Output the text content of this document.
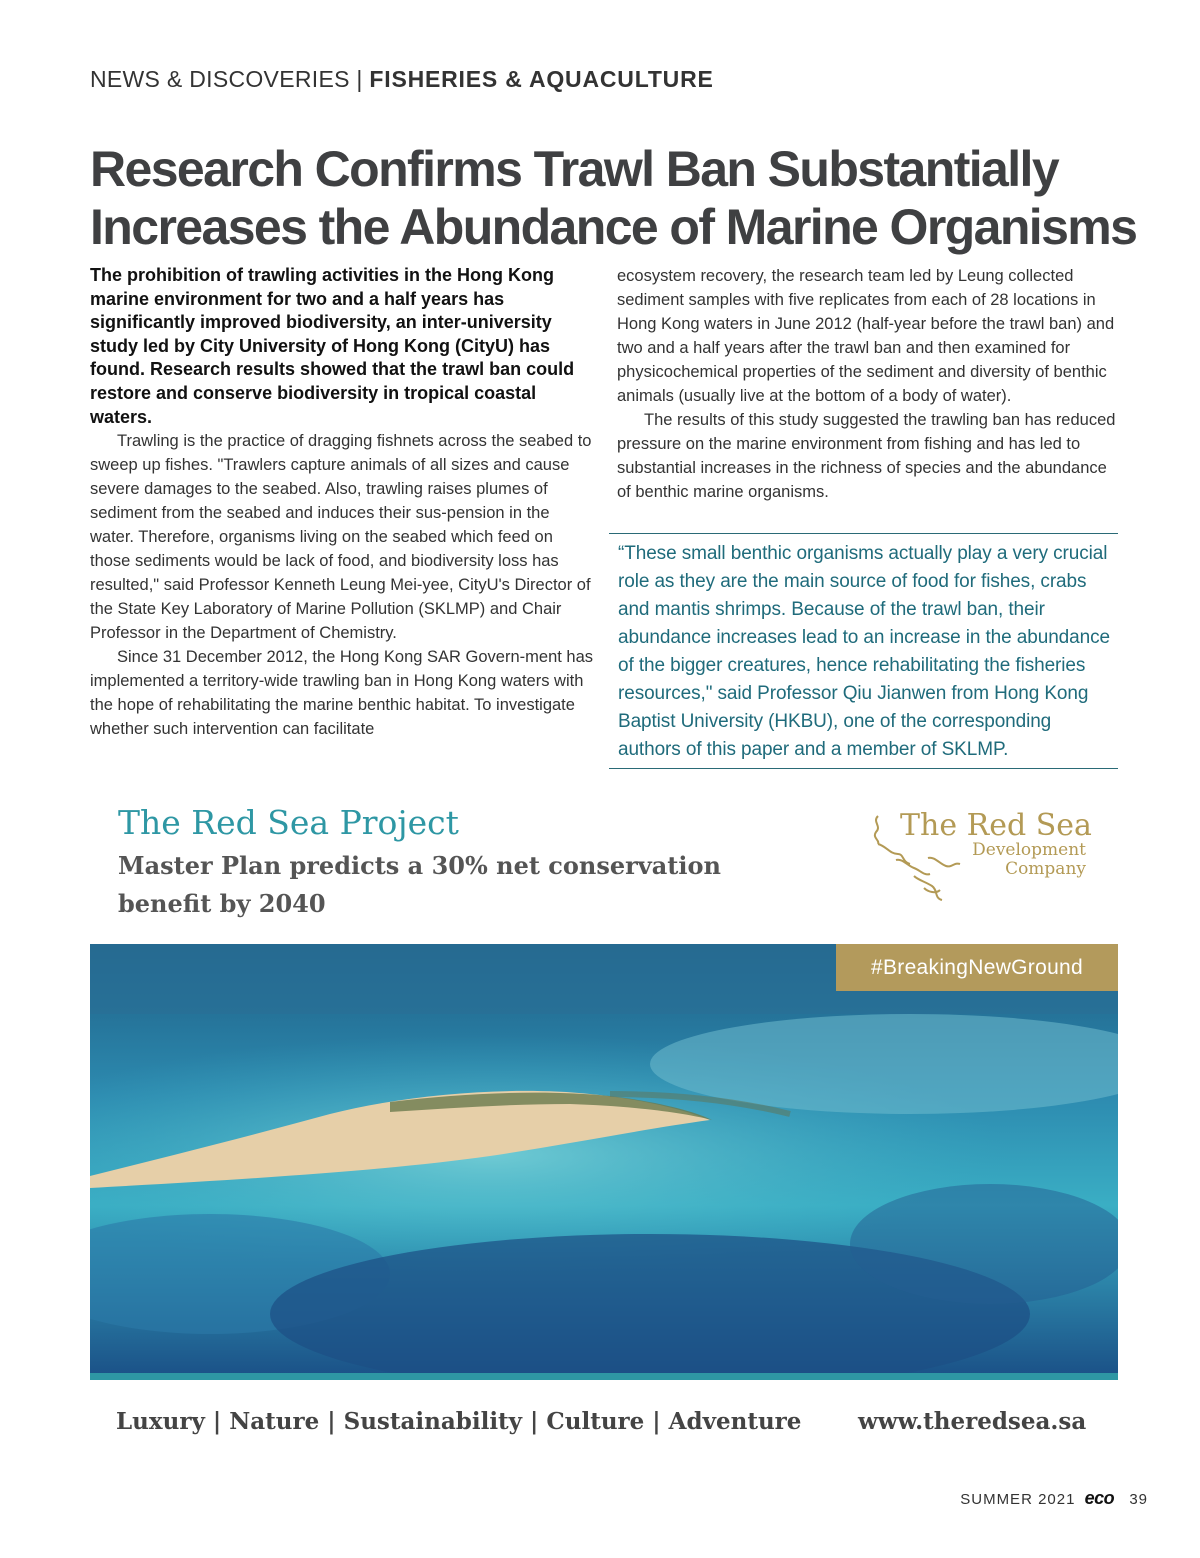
NEWS & DISCOVERIES | FISHERIES & AQUACULTURE
Research Confirms Trawl Ban Substantially
Increases the Abundance of Marine Organisms

The prohibition of trawling activities in the Hong Kong marine environment for two and a half years has significantly improved biodiversity, an inter-university study led by City University of Hong Kong (CityU) has found. Research results showed that the trawl ban could restore and conserve biodiversity in tropical coastal waters.

Trawling is the practice of dragging fishnets across the seabed to sweep up fishes. "Trawlers capture animals of all sizes and cause severe damages to the seabed. Also, trawling raises plumes of sediment from the seabed and induces their sus-pension in the water. Therefore, organisms living on the seabed which feed on those sediments would be lack of food, and biodiversity loss has resulted," said Professor Kenneth Leung Mei-yee, CityU's Director of the State Key Laboratory of Marine Pollution (SKLMP) and Chair Professor in the Department of Chemistry.

Since 31 December 2012, the Hong Kong SAR Govern-ment has implemented a territory-wide trawling ban in Hong Kong waters with the hope of rehabilitating the marine benthic habitat. To investigate whether such intervention can facilitate

ecosystem recovery, the research team led by Leung collected sediment samples with five replicates from each of 28 locations in Hong Kong waters in June 2012 (half-year before the trawl ban) and two and a half years after the trawl ban and then examined for physicochemical properties of the sediment and diversity of benthic animals (usually live at the bottom of a body of water).

The results of this study suggested the trawling ban has reduced pressure on the marine environment from fishing and has led to substantial increases in the richness of species and the abundance of benthic marine organisms.

“These small benthic organisms actually play a very crucial role as they are the main source of food for fishes, crabs and mantis shrimps. Because of the trawl ban, their abundance increases lead to an increase in the abundance of the bigger creatures, hence rehabilitating the fisheries resources," said Professor Qiu Jianwen from Hong Kong Baptist University (HKBU), one of the corresponding authors of this paper and a member of SKLMP.

The Red Sea Project

Master Plan predicts a 30% net conservation benefit by 2040

The Red Sea
Development
Company
#BreakingNewGround
Luxury | Nature | Sustainability | Culture | Adventure www.theredsea.sa
SUMMER 2021 eco 39
